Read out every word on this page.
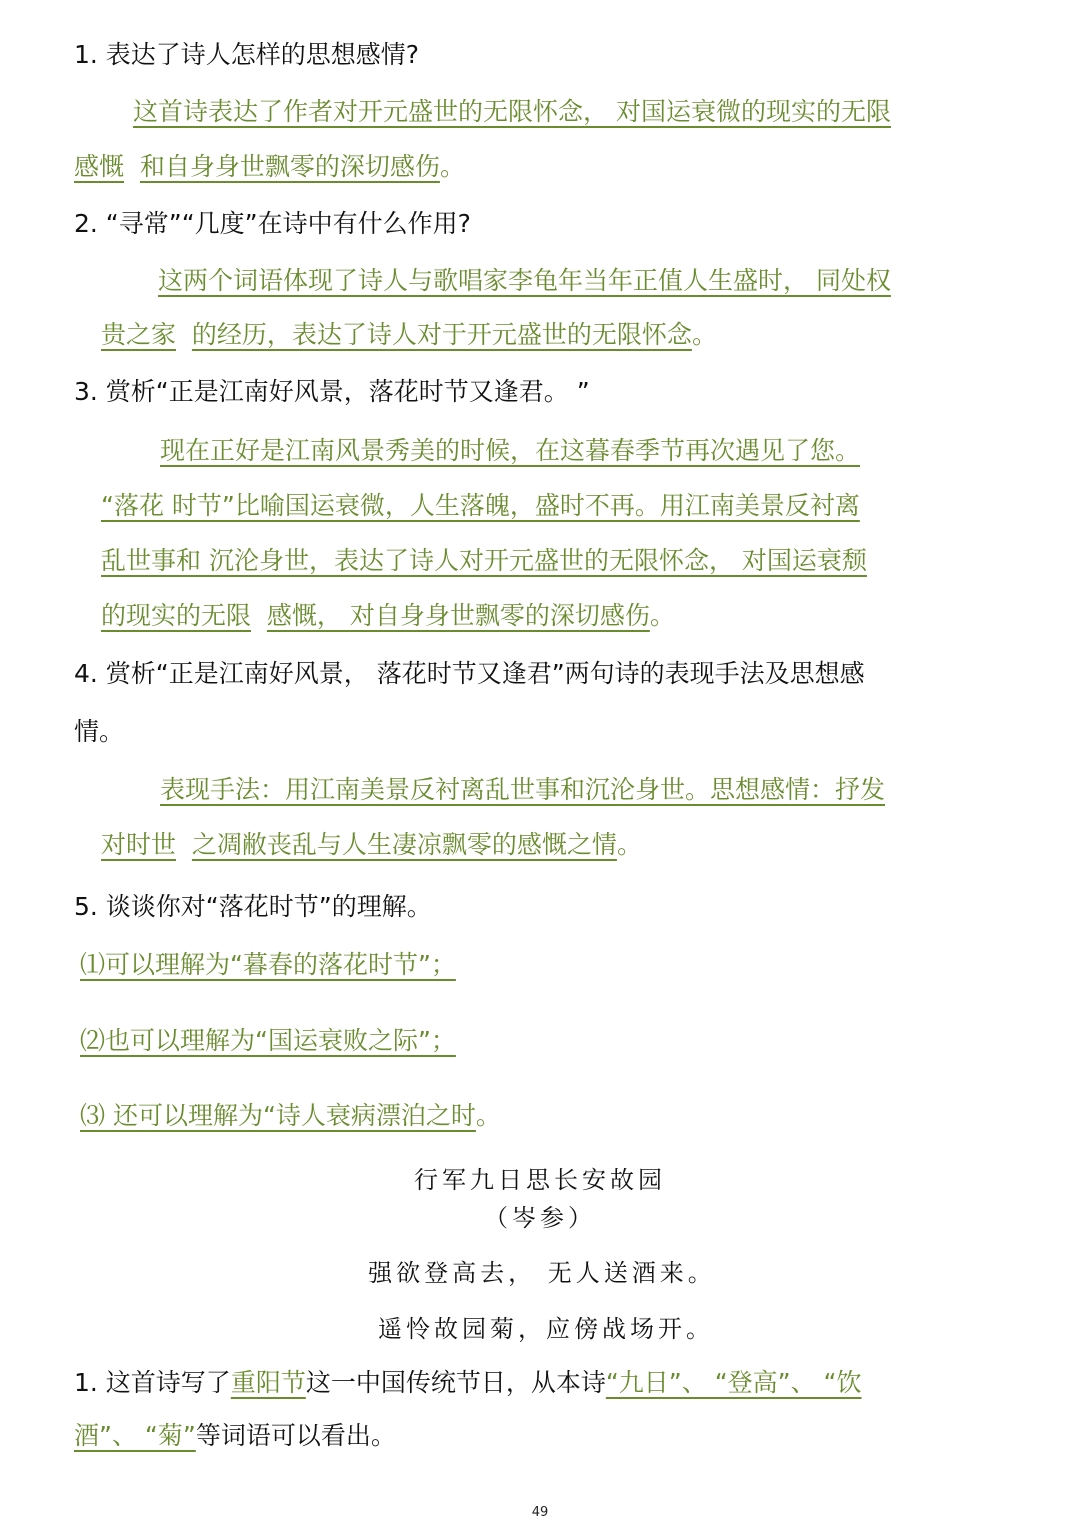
1. 表达了诗人怎样的思想感情?
这首诗表达了作者对开元盛世的无限怀念， 对国运衰微的现实的无限
感慨 和自身身世飘零的深切感伤。
2. “寻常”“几度”在诗中有什么作用?
这两个词语体现了诗人与歌唱家李龟年当年正值人生盛时， 同处权
贵之家 的经历，表达了诗人对于开元盛世的无限怀念。
3. 赏析“正是江南好风景，落花时节又逢君。 ”
现在正好是江南风景秀美的时候，在这暮春季节再次遇见了您。
“落花 时节”比喻国运衰微，人生落魄，盛时不再。用江南美景反衬离
乱世事和 沉沦身世，表达了诗人对开元盛世的无限怀念， 对国运衰颓
的现实的无限 感慨， 对自身身世飘零的深切感伤。
4. 赏析“正是江南好风景， 落花时节又逢君”两句诗的表现手法及思想感
情。
表现手法：用江南美景反衬离乱世事和沉沦身世。思想感情：抒发
对时世 之凋敝丧乱与人生凄凉飘零的感慨之情。
5. 谈谈你对“落花时节”的理解。
⑴可以理解为“暮春的落花时节”；
⑵也可以理解为“国运衰败之际”；
⑶ 还可以理解为“诗人衰病漂泊之时。
行军九日思长安故园
（岑参）
强欲登高去， 无人送酒来。
遥怜故园菊，应傍战场开。
1. 这首诗写了重阳节这一中国传统节日，从本诗“九日”、 “登高”、 “饮
酒”、 “菊”等词语可以看出。
49
